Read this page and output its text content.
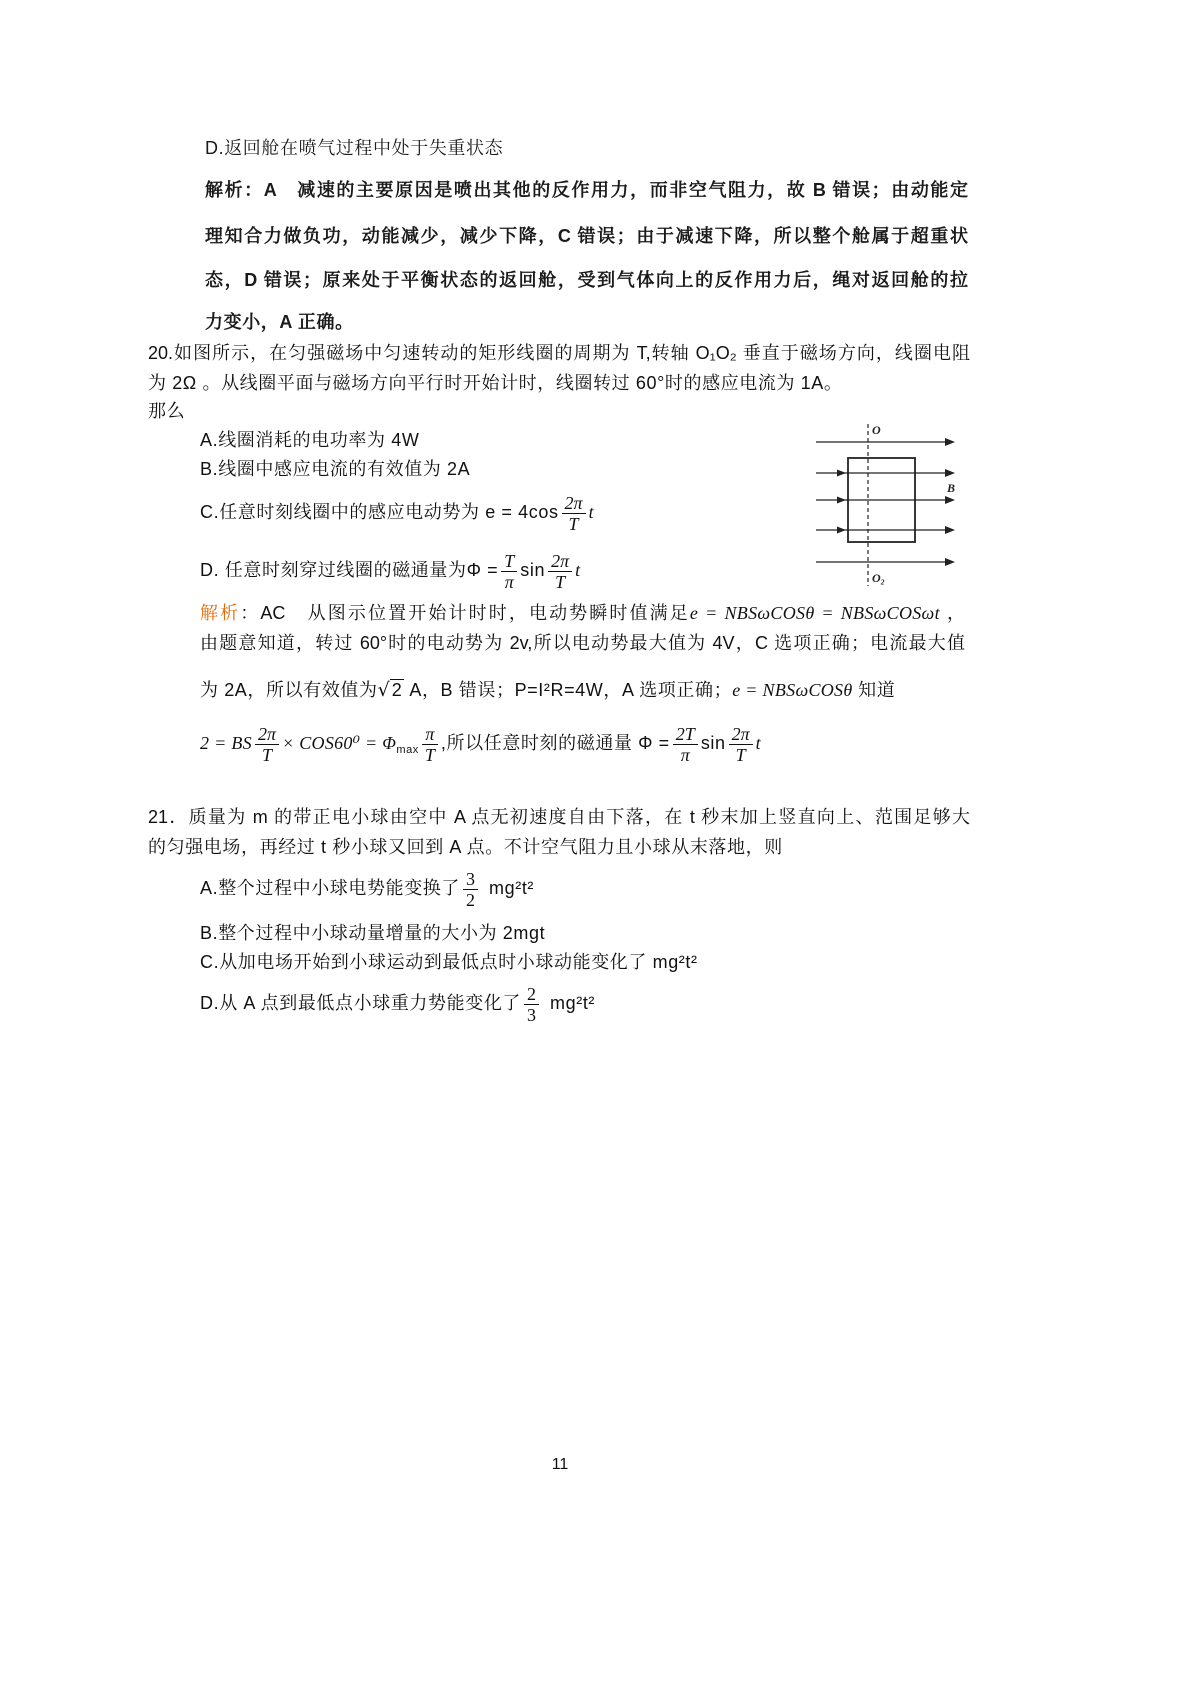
D.返回舱在喷气过程中处于失重状态
解析：A　减速的主要原因是喷出其他的反作用力，而非空气阻力，故 B 错误；由动能定
理知合力做负功，动能减少，减少下降，C 错误；由于减速下降，所以整个舱属于超重状
态，D 错误；原来处于平衡状态的返回舱，受到气体向上的反作用力后，绳对返回舱的拉
力变小，A 正确。
20.如图所示，在匀强磁场中匀速转动的矩形线圈的周期为 T,转轴 O₁O₂ 垂直于磁场方向，线圈电阻
为 2Ω 。从线圈平面与磁场方向平行时开始计时，线圈转过 60°时的感应电流为 1A。
那么
A.线圈消耗的电功率为 4W
B.线圈中感应电流的有效值为 2A
C.任意时刻线圈中的感应电动势为 $e = 4\cos \frac{2\pi}{T}$ t
D. 任意时刻穿过线圈的磁通量为$\Phi = \frac{T}{\pi}$ $\sin \frac{2\pi}{T}$ t
O
B
O₂
解析：AC　从图示位置开始计时时，电动势瞬时值满足e = NBSωCOSθ = NBSωCOSωt ，
由题意知道，转过 60°时的电动势为 2v,所以电动势最大值为 4V，C 选项正确；电流最大值
为 2A，所以有效值为√ 2 A，B 错误；P=I²R=4W，A 选项正确；e = NBSωCOSθ 知道
2 = BS $\frac{2\pi}{T} \times COS60^0 = \Phi_{max} \frac{\pi}{T}$ ,所以任意时刻的磁通量 $\Phi = \frac{2T}{\pi}$ $\sin \frac{2\pi}{T}$ t
21．质量为 m 的带正电小球由空中 A 点无初速度自由下落，在 t 秒末加上竖直向上、范围足够大
的匀强电场，再经过 t 秒小球又回到 A 点。不计空气阻力且小球从末落地，则
A.整个过程中小球电势能变换了 $\frac{3}{2} mg^2t^2$
B.整个过程中小球动量增量的大小为 2mgt
C.从加电场开始到小球运动到最低点时小球动能变化了 mg²t²
D.从 A 点到最低点小球重力势能变化了 $\frac{2}{3} mg^2t^2$
11
